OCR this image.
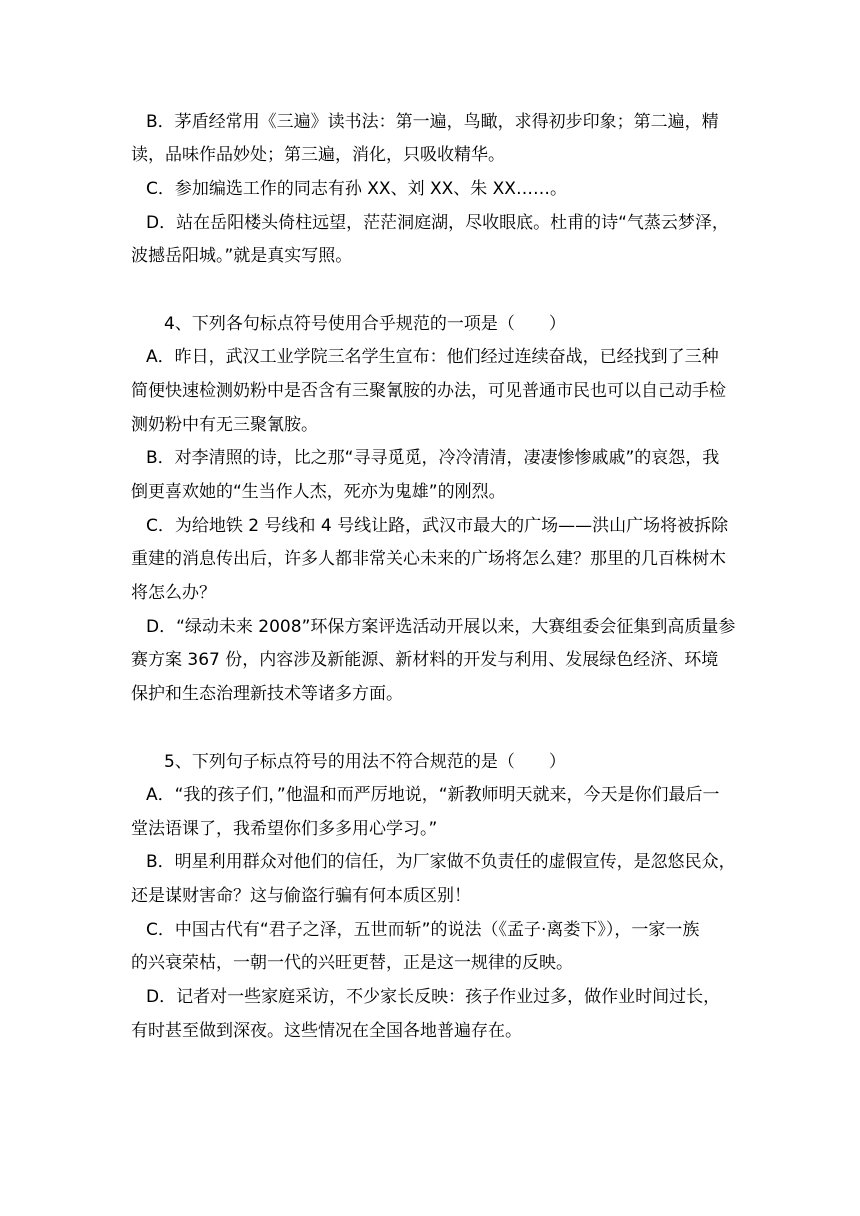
B．茅盾经常用《三遍》读书法：第一遍，鸟瞰，求得初步印象；第二遍，精
读，品味作品妙处；第三遍，消化，只吸收精华。
C．参加编选工作的同志有孙 XX、刘 XX、朱 XX……。
D．站在岳阳楼头倚柱远望，茫茫洞庭湖，尽收眼底。杜甫的诗“气蒸云梦泽，
波撼岳阳城。”就是真实写照。
4、下列各句标点符号使用合乎规范的一项是（　　）
A．昨日，武汉工业学院三名学生宣布：他们经过连续奋战，已经找到了三种
简便快速检测奶粉中是否含有三聚氰胺的办法，可见普通市民也可以自己动手检
测奶粉中有无三聚氰胺。
B．对李清照的诗，比之那“寻寻觅觅，冷冷清清，凄凄惨惨戚戚”的哀怨，我
倒更喜欢她的“生当作人杰，死亦为鬼雄”的刚烈。
C．为给地铁 2 号线和 4 号线让路，武汉市最大的广场——洪山广场将被拆除
重建的消息传出后，许多人都非常关心未来的广场将怎么建？那里的几百株树木
将怎么办？
D．“绿动未来 2008”环保方案评选活动开展以来，大赛组委会征集到高质量参
赛方案 367 份，内容涉及新能源、新材料的开发与利用、发展绿色经济、环境
保护和生态治理新技术等诸多方面。
5、下列句子标点符号的用法不符合规范的是（　　）
A．“我的孩子们，”他温和而严厉地说，“新教师明天就来，今天是你们最后一
堂法语课了，我希望你们多多用心学习。”
B．明星利用群众对他们的信任，为厂家做不负责任的虚假宣传，是忽悠民众，
还是谋财害命？这与偷盗行骗有何本质区别！
C．中国古代有“君子之泽，五世而斩”的说法（《孟子·离娄下》），一家一族
的兴衰荣枯，一朝一代的兴旺更替，正是这一规律的反映。
D．记者对一些家庭采访，不少家长反映：孩子作业过多，做作业时间过长，
有时甚至做到深夜。这些情况在全国各地普遍存在。
